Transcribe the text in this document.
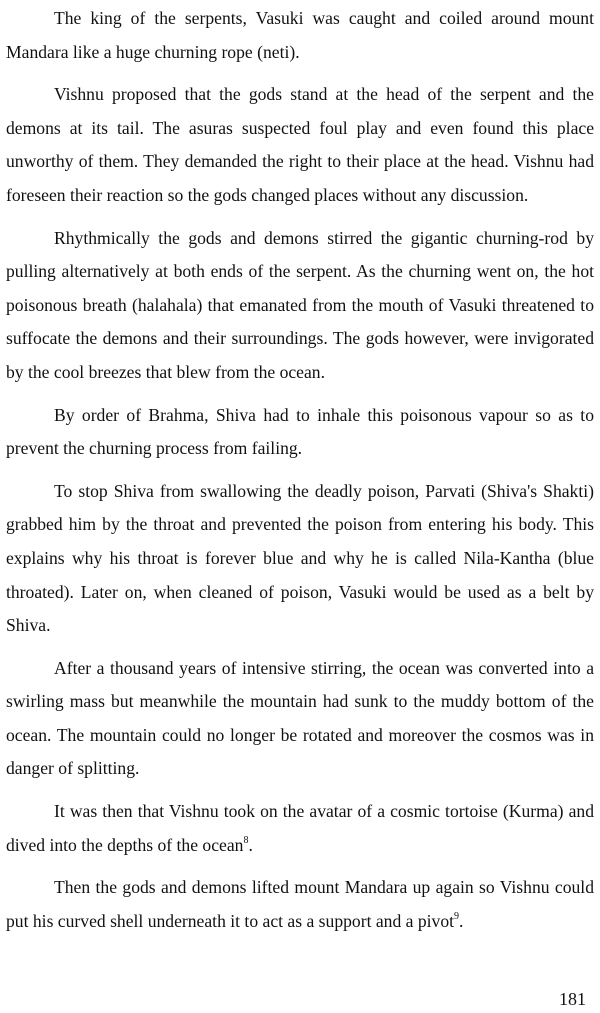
The king of the serpents, Vasuki was caught and coiled around mount Mandara like a huge churning rope (neti).

Vishnu proposed that the gods stand at the head of the serpent and the demons at its tail. The asuras suspected foul play and even found this place unworthy of them. They demanded the right to their place at the head. Vishnu had foreseen their reaction so the gods changed places without any discussion.

Rhythmically the gods and demons stirred the gigantic churning-rod by pulling alternatively at both ends of the serpent. As the churning went on, the hot poisonous breath (halahala) that emanated from the mouth of Vasuki threatened to suffocate the demons and their surroundings. The gods however, were invigorated by the cool breezes that blew from the ocean.

By order of Brahma, Shiva had to inhale this poisonous vapour so as to prevent the churning process from failing.

To stop Shiva from swallowing the deadly poison, Parvati (Shiva's Shakti) grabbed him by the throat and prevented the poison from entering his body. This explains why his throat is forever blue and why he is called Nila-Kantha (blue throated). Later on, when cleaned of poison, Vasuki would be used as a belt by Shiva.

After a thousand years of intensive stirring, the ocean was converted into a swirling mass but meanwhile the mountain had sunk to the muddy bottom of the ocean. The mountain could no longer be rotated and moreover the cosmos was in danger of splitting.

It was then that Vishnu took on the avatar of a cosmic tortoise (Kurma) and dived into the depths of the ocean$^8$.

Then the gods and demons lifted mount Mandara up again so Vishnu could put his curved shell underneath it to act as a support and a pivot$^9$.

181
